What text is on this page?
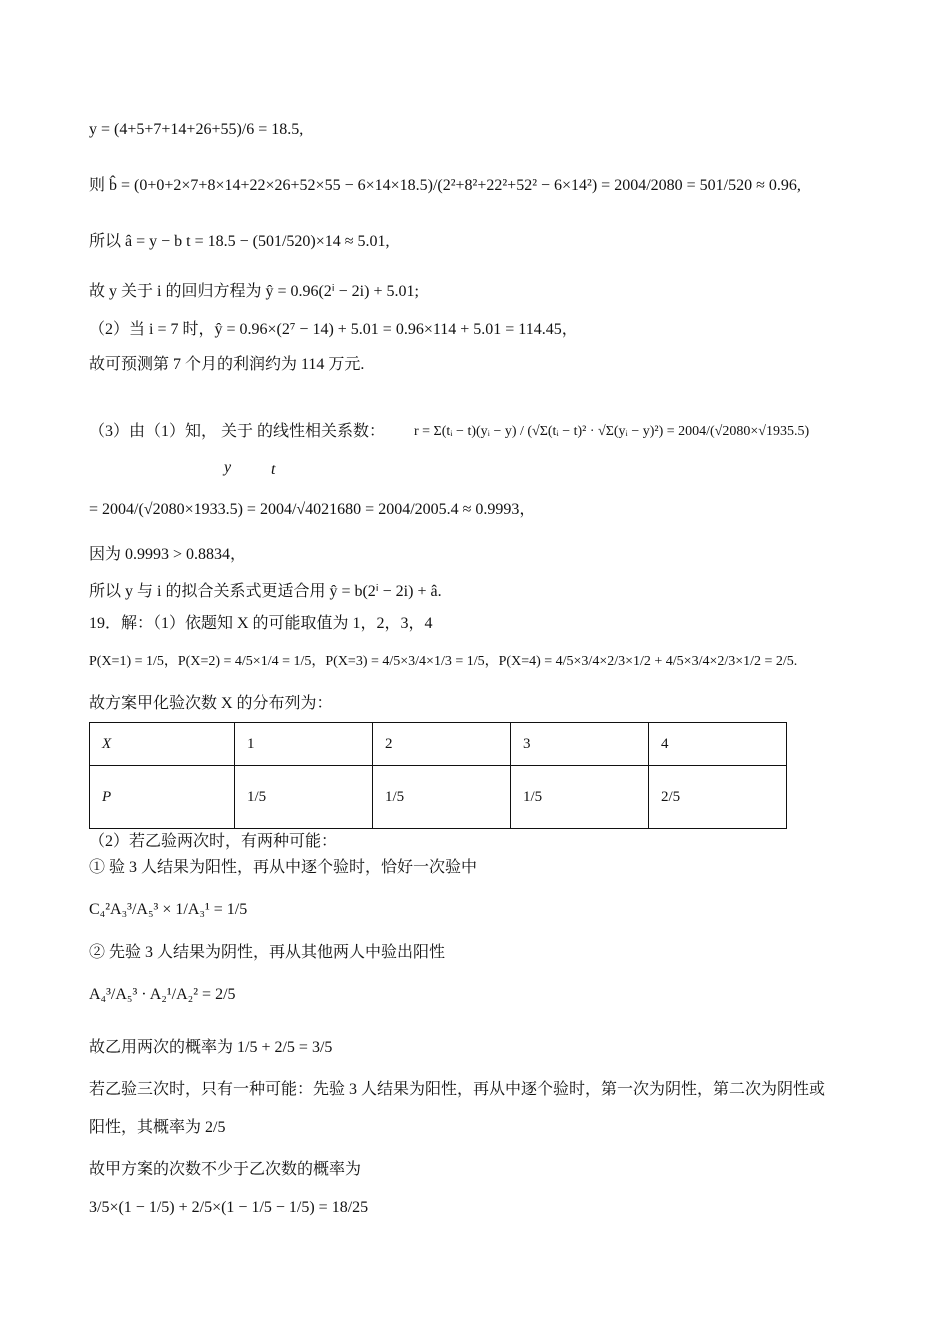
y = (4+5+7+14+26+55)/6 = 18.5,
则 b̂ = (0+0+2×7+8×14+22×26+52×55 − 6×14×18.5)/(2²+8²+22²+52² − 6×14²) = 2004/2080 = 501/520 ≈ 0.96,
所以 â = y − b t = 18.5 − (501/520)×14 ≈ 5.01,
故 y 关于 i 的回归方程为 ŷ = 0.96(2ⁱ − 2i) + 5.01;
（2）当 i = 7 时，ŷ = 0.96×(2⁷ − 14) + 5.01 = 0.96×114 + 5.01 = 114.45，
故可预测第 7 个月的利润约为 114 万元.
（3）由（1）知， 关于 的线性相关系数：
y t
r = Σ(tᵢ − t)(yᵢ − y) / (√Σ(tᵢ − t)² · √Σ(yᵢ − y)²) = 2004/(√2080×√1935.5)
= 2004/(√2080×1933.5) = 2004/√4021680 = 2004/2005.4 ≈ 0.9993，
因为 0.9993 > 0.8834，
所以 y 与 i 的拟合关系式更适合用 ŷ = b(2ⁱ − 2i) + â.
19．解：（1）依题知 X 的可能取值为 1，2，3，4
P(X=1) = 1/5，P(X=2) = 4/5×1/4 = 1/5，P(X=3) = 4/5×3/4×1/3 = 1/5，P(X=4) = 4/5×3/4×2/3×1/2 + 4/5×3/4×2/3×1/2 = 2/5.
故方案甲化验次数 X 的分布列为：
X	1	2	3	4
P	1/5	1/5	1/5	2/5
（2）若乙验两次时，有两种可能：
① 验 3 人结果为阳性，再从中逐个验时，恰好一次验中
C₄²A₃³/A₅³ × 1/A₃¹ = 1/5
② 先验 3 人结果为阴性，再从其他两人中验出阳性
A₄³/A₅³ · A₂¹/A₂² = 2/5
故乙用两次的概率为 1/5 + 2/5 = 3/5
若乙验三次时，只有一种可能：先验 3 人结果为阳性，再从中逐个验时，第一次为阴性，第二次为阴性或
阳性，其概率为 2/5
故甲方案的次数不少于乙次数的概率为
3/5×(1 − 1/5) + 2/5×(1 − 1/5 − 1/5) = 18/25
